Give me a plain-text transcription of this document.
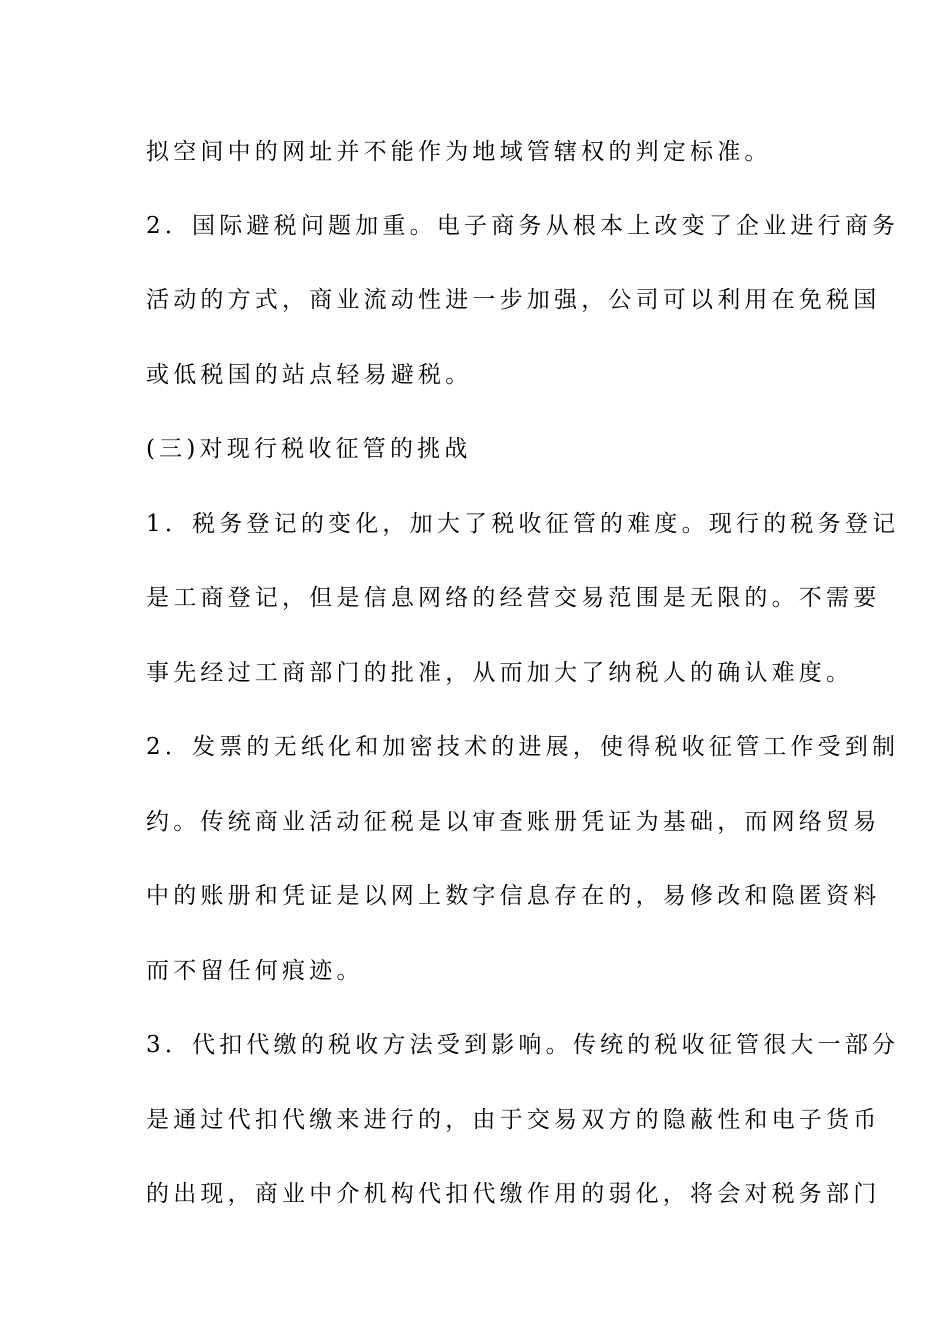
拟空间中的网址并不能作为地域管辖权的判定标准。
2．国际避税问题加重。电子商务从根本上改变了企业进行商务
活动的方式，商业流动性进一步加强，公司可以利用在免税国
或低税国的站点轻易避税。
(三)对现行税收征管的挑战
1．税务登记的变化，加大了税收征管的难度。现行的税务登记
是工商登记，但是信息网络的经营交易范围是无限的。不需要
事先经过工商部门的批准，从而加大了纳税人的确认难度。
2．发票的无纸化和加密技术的进展，使得税收征管工作受到制
约。传统商业活动征税是以审查账册凭证为基础，而网络贸易
中的账册和凭证是以网上数字信息存在的，易修改和隐匿资料
而不留任何痕迹。
3．代扣代缴的税收方法受到影响。传统的税收征管很大一部分
是通过代扣代缴来进行的，由于交易双方的隐蔽性和电子货币
的出现，商业中介机构代扣代缴作用的弱化，将会对税务部门
